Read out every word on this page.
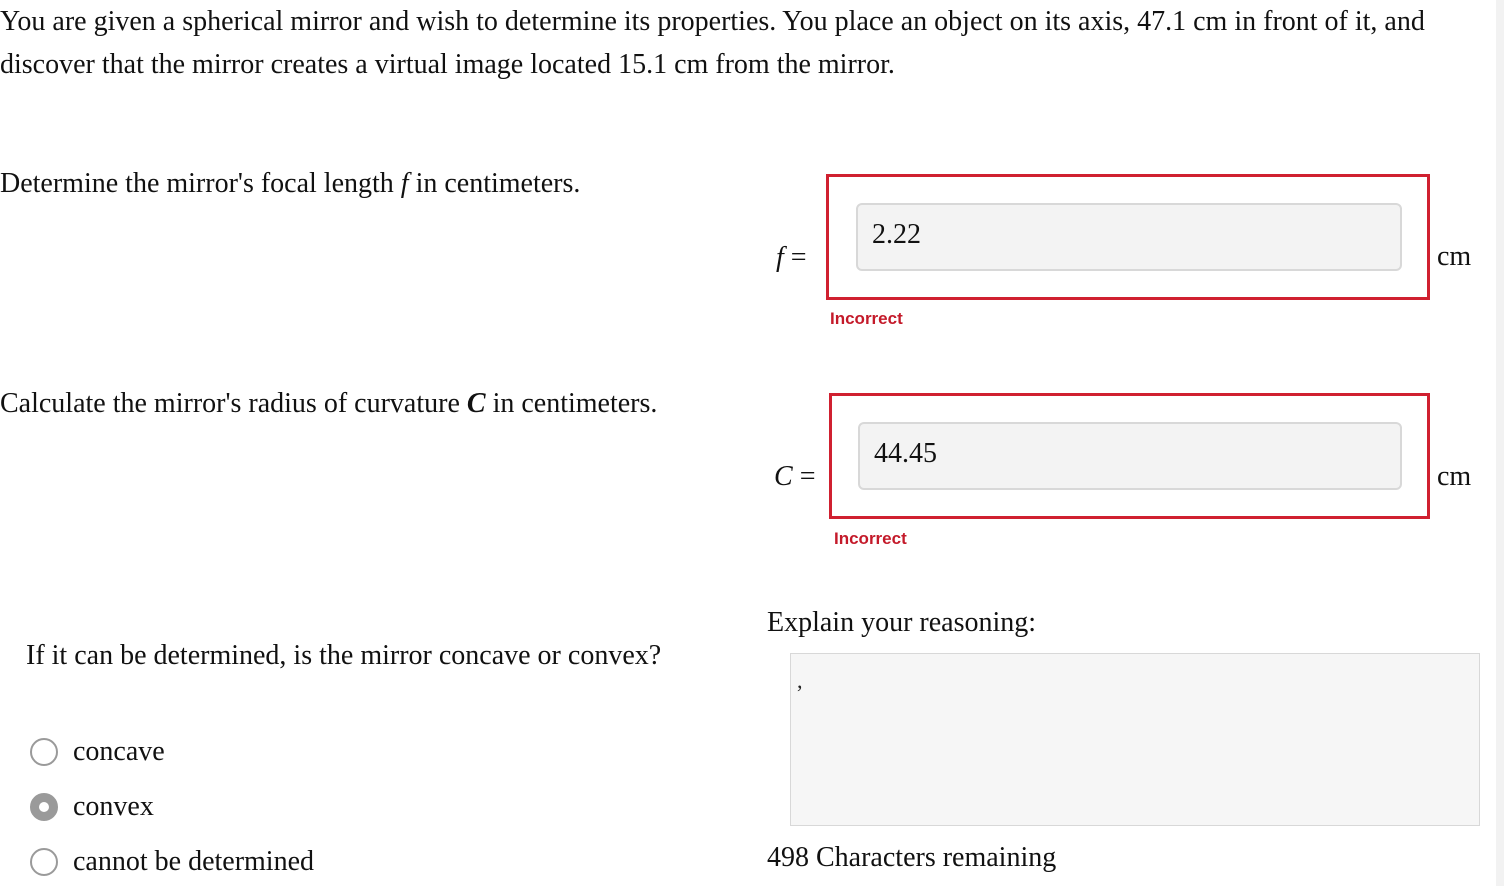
You are given a spherical mirror and wish to determine its properties. You place an object on its axis, 47.1 cm in front of it, and discover that the mirror creates a virtual image located 15.1 cm from the mirror.
Determine the mirror's focal length f in centimeters.
f =
2.22
cm
Incorrect
Calculate the mirror's radius of curvature C in centimeters.
C =
44.45
cm
Incorrect
If it can be determined, is the mirror concave or convex?
concave
convex
cannot be determined
Explain your reasoning:
,
498 Characters remaining
